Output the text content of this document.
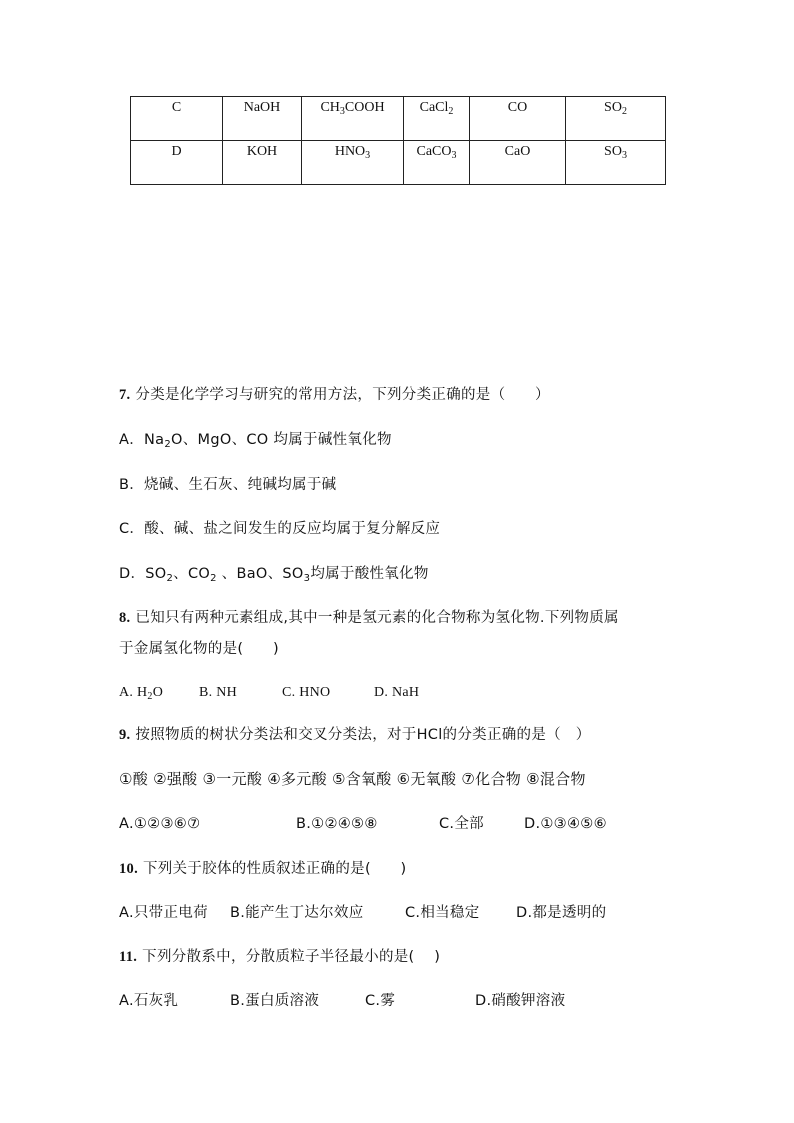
C	NaOH	$CH_3COOH$	CaCl$_2$	CO	$SO_2$
D	KOH	$HNO_3$	CaCO$_3$	CaO	$SO_3$
7. 分类是化学学习与研究的常用方法，下列分类正确的是（　　）
A．$Na_2O$、MgO、CO 均属于碱性氧化物
B．烧碱、生石灰、纯碱均属于碱
C．酸、碱、盐之间发生的反应均属于复分解反应
D．$SO_2$、$CO_2$ 、BaO、$SO_3$均属于酸性氧化物
8. 已知只有两种元素组成,其中一种是氢元素的化合物称为氢化物.下列物质属
于金属氢化物的是(　　)
A. $H_2O$	B. NH	C. HNO	D. NaH
9. 按照物质的树状分类法和交叉分类法，对于HCl的分类正确的是（　）
①酸 ②强酸 ③一元酸 ④多元酸 ⑤含氧酸 ⑥无氧酸 ⑦化合物 ⑧混合物
A.①②③⑥⑦	B.①②④⑤⑧	C.全部	D.①③④⑤⑥
10. 下列关于胶体的性质叙述正确的是(　　)
A.只带正电荷 B.能产生丁达尔效应	C.相当稳定	D.都是透明的
11. 下列分散系中，分散质粒子半径最小的是(　 )
A.石灰乳	B.蛋白质溶液	C.雾	D.硝酸钾溶液
